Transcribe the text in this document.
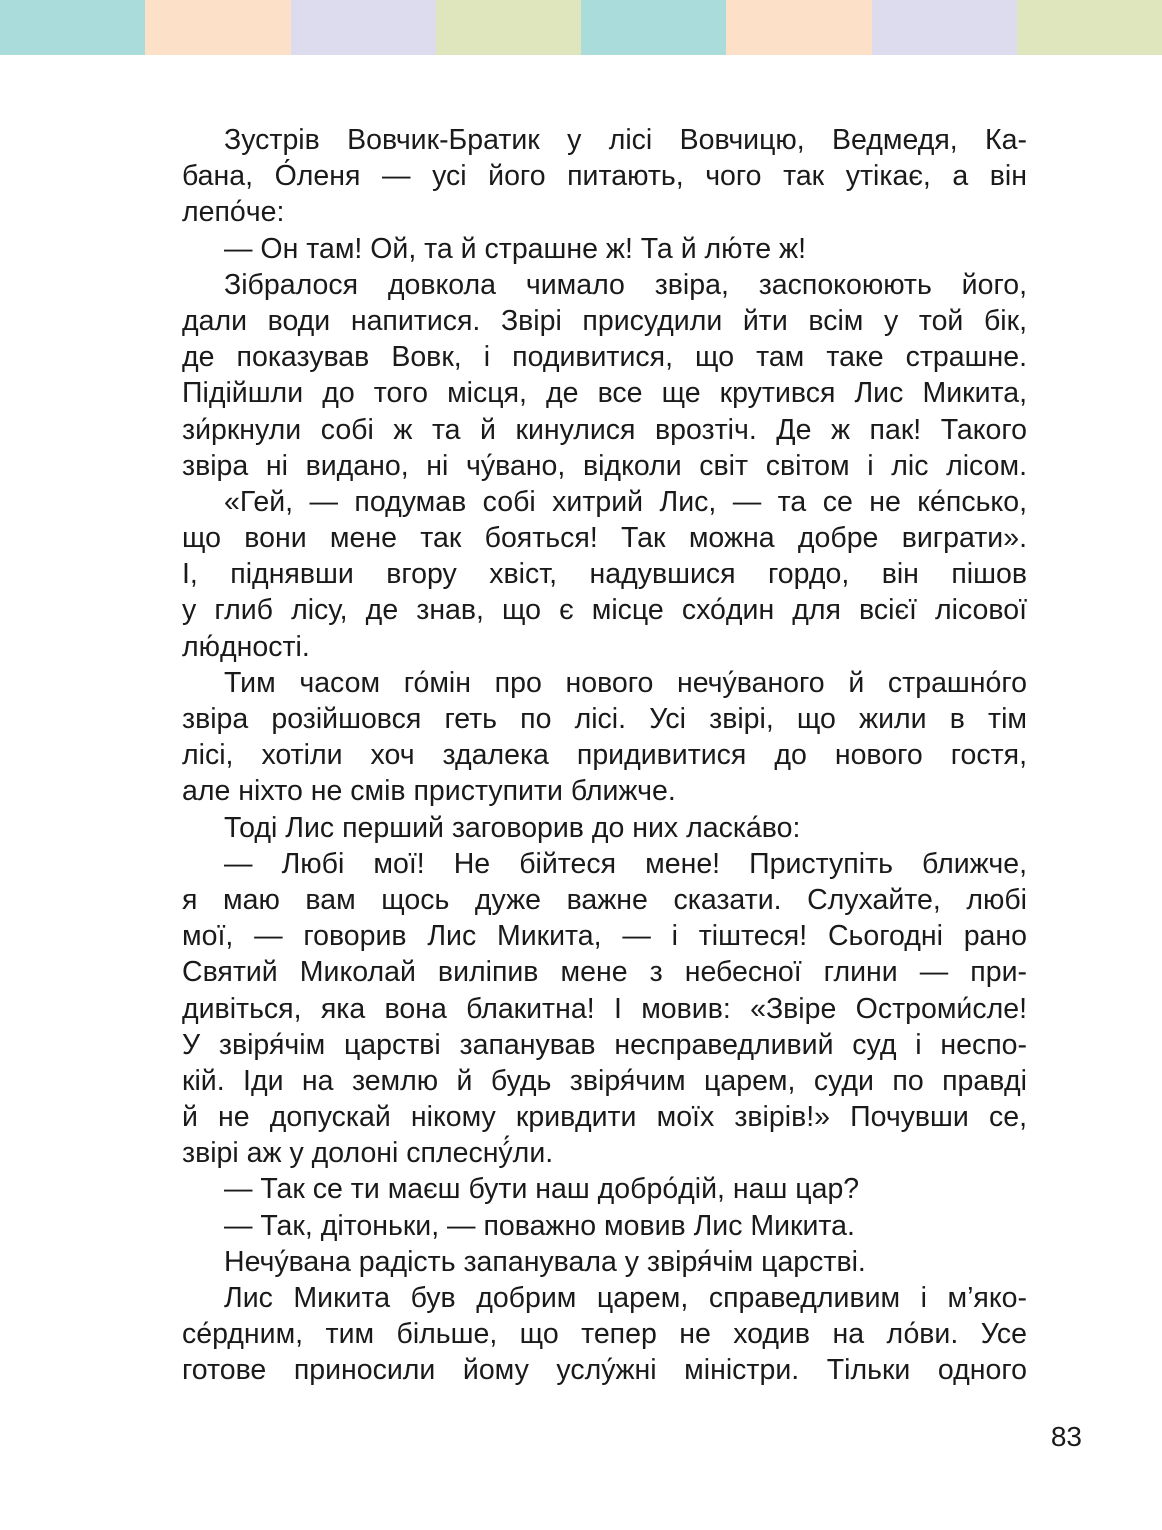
Зустрів Вовчик-Братик у лісі Вовчицю, Ведмедя, Ка-
бана, О́леня — усі його питають, чого так утікає, а він
лепо́че:
— Он там! Ой, та й страшне ж! Та й лю́те ж!
Зібралося довкола чимало звіра, заспокоюють його,
дали води напитися. Звірі присудили йти всім у той бік,
де показував Вовк, і подивитися, що там таке страшне.
Підійшли до того місця, де все ще крутився Лис Микита,
зи́ркнули собі ж та й кинулися врозтіч. Де ж пак! Такого
звіра ні видано, ні чу́вано, відколи світ світом і ліс лісом.
«Гей, — подумав собі хитрий Лис, — та се не ке́псько,
що вони мене так бояться! Так можна добре виграти».
І, піднявши вгору хвіст, надувшися гордо, він пішов
у глиб лісу, де знав, що є місце схо́дин для всієї лісової
лю́дності.
Тим часом го́мін про нового нечу́ваного й страшно́го
звіра розійшовся геть по лісі. Усі звірі, що жили в тім
лісі, хотіли хоч здалека придивитися до нового гостя,
але ніхто не смів приступити ближче.
Тоді Лис перший заговорив до них ласка́во:
— Любі мої! Не бійтеся мене! Приступіть ближче,
я маю вам щось дуже важне сказати. Слухайте, любі
мої, — говорив Лис Микита, — і тіштеся! Сьогодні рано
Святий Миколай виліпив мене з небесної глини — при-
дивіться, яка вона блакитна! І мовив: «Звіре Остроми́сле!
У звіря́чім царстві запанував несправедливий суд і неспо-
кій. Іди на землю й будь звіря́чим царем, суди по правді
й не допускай нікому кривдити моїх звірів!» Почувши се,
звірі аж у долоні сплеснý́ли.
— Так се ти маєш бути наш добро́дій, наш цар?
— Так, дітоньки, — поважно мовив Лис Микита.
Нечу́вана радість запанувала у звіря́чім царстві.
Лис Микита був добрим царем, справедливим і м’яко-
се́рдним, тим більше, що тепер не ходив на ло́ви. Усе
готове приносили йому услу́жні міністри. Тільки одного
83
